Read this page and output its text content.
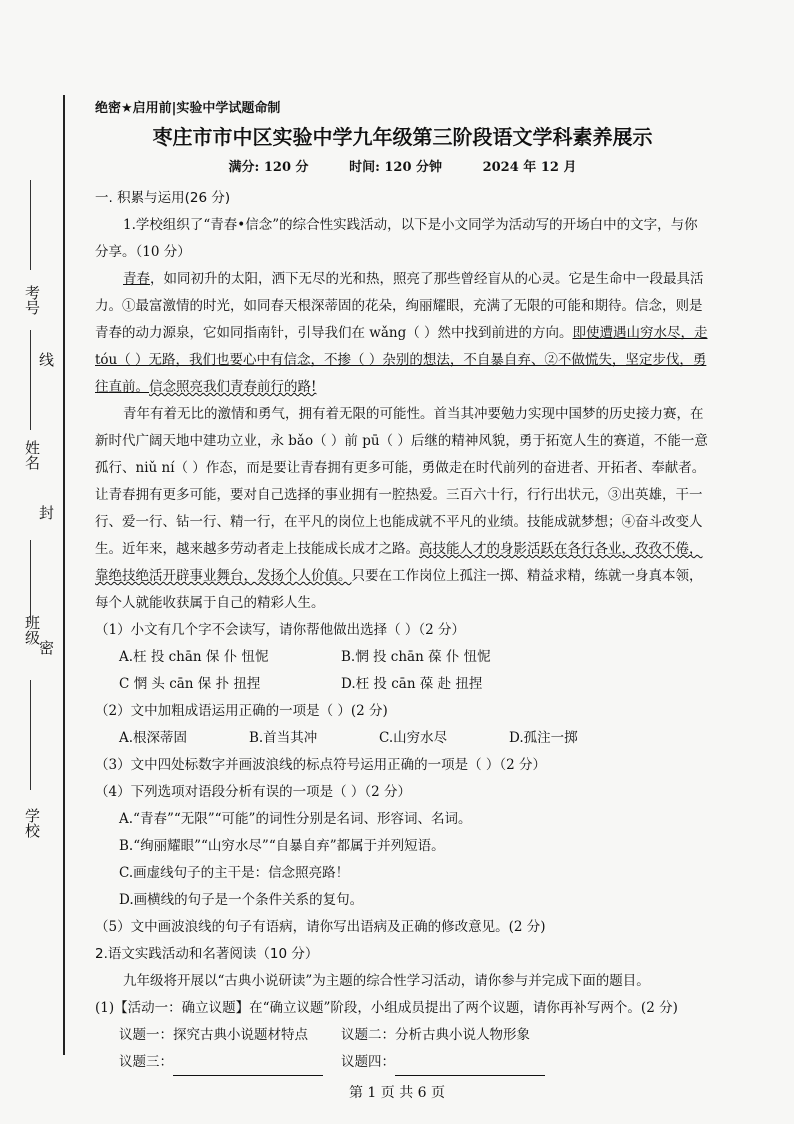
考号
线
姓名
封
班级
密
学校
绝密★启用前|实验中学试题命制
枣庄市市中区实验中学九年级第三阶段语文学科素养展示
满分: 120 分	时间: 120 分钟	2024 年 12 月

一. 积累与运用(26 分)

1.学校组织了“青春•信念”的综合性实践活动，以下是小文同学为活动写的开场白中的文字，与你分享。（10 分）

青春，如同初升的太阳，洒下无尽的光和热，照亮了那些曾经盲从的心灵。它是生命中一段最具活力。①最富激情的时光，如同春天根深蒂固的花朵，绚丽耀眼，充满了无限的可能和期待。信念，则是青春的动力源泉，它如同指南针，引导我们在 wǎng（ ）然中找到前进的方向。即使遭遇山穷水尽，走 tóu（ ）无路，我们也要心中有信念，不掺（ ）杂别的想法，不自暴自弃、②不做慌失，坚定步伐，勇往直前。信念照亮我们青春前行的路!

青年有着无比的激情和勇气，拥有着无限的可能性。首当其冲要勉力实现中国梦的历史接力赛，在新时代广阔天地中建功立业，永 bǎo（ ）前 pū（ ）后继的精神风貌，勇于拓宽人生的赛道，不能一意孤行、niǔ ní（ ）作态，而是要让青春拥有更多可能，勇做走在时代前列的奋进者、开拓者、奉献者。让青春拥有更多可能，要对自己选择的事业拥有一腔热爱。三百六十行，行行出状元，③出英雄，干一行、爱一行、钻一行、精一行，在平凡的岗位上也能成就不平凡的业绩。技能成就梦想；④奋斗改变人生。近年来，越来越多劳动者走上技能成长成才之路。高技能人才的身影活跃在各行各业，孜孜不倦，靠绝技绝活开辟事业舞台，发扬个人价值。只要在工作岗位上孤注一掷、精益求精，练就一身真本领，每个人就能收获属于自己的精彩人生。

（1）小文有几个字不会读写，请你帮他做出选择（ ）（2 分）

A.枉 投 chān 保 仆 忸怩	B.惘 投 chān 葆 仆 忸怩
C 惘 头 cān 保 扑 扭捏	D.枉 投 cān 葆 赴 扭捏

（2）文中加粗成语运用正确的一项是（ ）(2 分)

A.根深蒂固	B.首当其冲	C.山穷水尽	D.孤注一掷

（3）文中四处标数字并画波浪线的标点符号运用正确的一项是（ ）（2 分）

（4）下列选项对语段分析有误的一项是（ ）（2 分）

A.“青春”“无限”“可能”的词性分别是名词、形容词、名词。

B.“绚丽耀眼”“山穷水尽”“自暴自弃”都属于并列短语。

C.画虚线句子的主干是：信念照亮路！

D.画横线的句子是一个条件关系的复句。

（5）文中画波浪线的句子有语病，请你写出语病及正确的修改意见。(2 分)

2.语文实践活动和名著阅读（10 分）

九年级将开展以“古典小说研读”为主题的综合性学习活动，请你参与并完成下面的题目。

(1)【活动一：确立议题】在“确立议题”阶段，小组成员提出了两个议题，请你再补写两个。(2 分)

议题一：探究古典小说题材特点	议题二：分析古典小说人物形象
议题三：	议题四：
第 1 页 共 6 页
